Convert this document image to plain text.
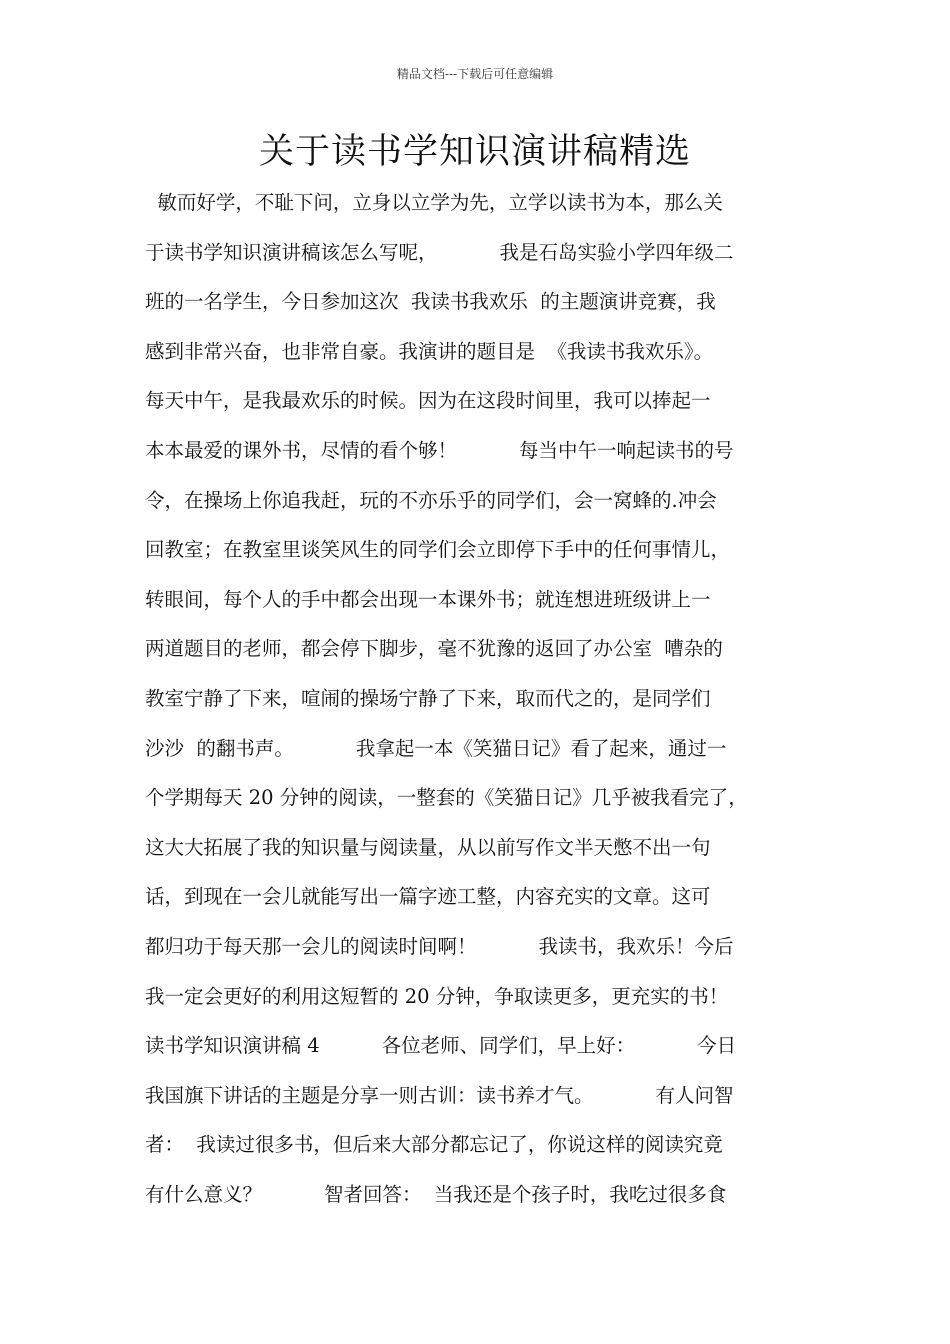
精品文档---下载后可任意编辑
关于读书学知识演讲稿精选
敏而好学，不耻下问，立身以立学为先，立学以读书为本，那么关
于读书学知识演讲稿该怎么写呢，          我是石岛实验小学四年级二
班的一名学生，今日参加这次  我读书我欢乐  的主题演讲竞赛，我
感到非常兴奋，也非常自豪。我演讲的题目是  《我读书我欢乐》。
每天中午，是我最欢乐的时候。因为在这段时间里，我可以捧起一
本本最爱的课外书，尽情的看个够！          每当中午一响起读书的号
令，在操场上你追我赶，玩的不亦乐乎的同学们，会一窝蜂的.冲会
回教室；在教室里谈笑风生的同学们会立即停下手中的任何事情儿，
转眼间，每个人的手中都会出现一本课外书；就连想进班级讲上一
两道题目的老师，都会停下脚步，毫不犹豫的返回了办公室  嘈杂的
教室宁静了下来，喧闹的操场宁静了下来，取而代之的，是同学们
沙沙  的翻书声。          我拿起一本《笑猫日记》看了起来，通过一
个学期每天 20 分钟的阅读，一整套的《笑猫日记》几乎被我看完了，
这大大拓展了我的知识量与阅读量，从以前写作文半天憋不出一句
话，到现在一会儿就能写出一篇字迹工整，内容充实的文章。这可
都归功于每天那一会儿的阅读时间啊！          我读书，我欢乐！今后
我一定会更好的利用这短暂的 20 分钟，争取读更多，更充实的书！
读书学知识演讲稿 4          各位老师、同学们，早上好：          今日
我国旗下讲话的主题是分享一则古训：读书养才气。          有人问智
者：  我读过很多书，但后来大部分都忘记了，你说这样的阅读究竟
有什么意义？          智者回答：  当我还是个孩子时，我吃过很多食
